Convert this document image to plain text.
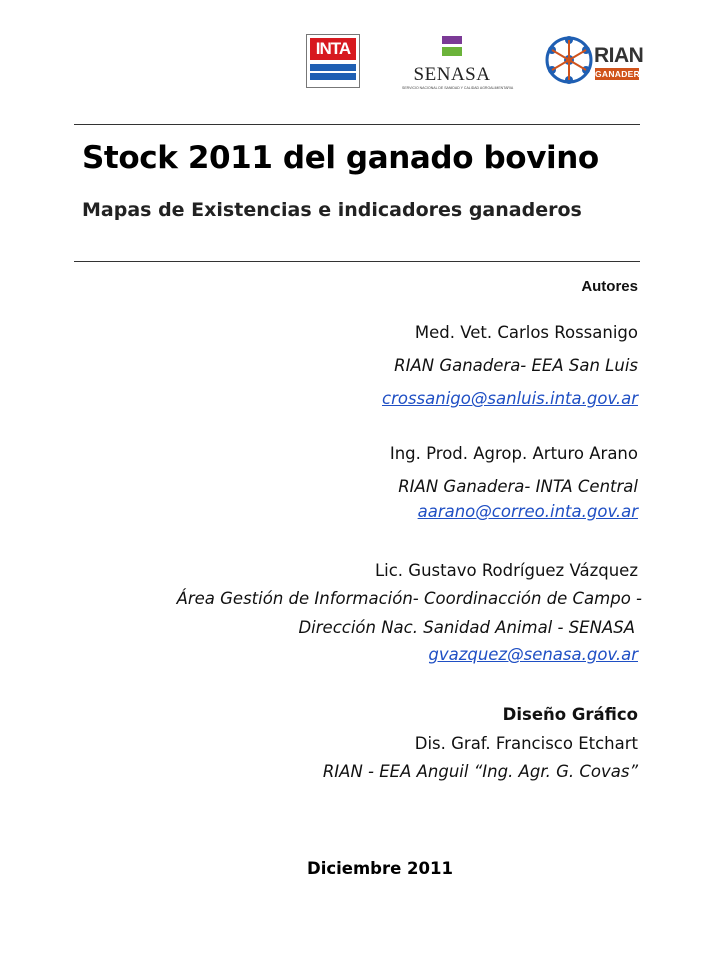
INTA
SENASA
SERVICIO NACIONAL DE SANIDAD Y CALIDAD AGROALIMENTARIA
RIAN
GANADERA
Stock 2011 del ganado bovino
Mapas de Existencias e indicadores ganaderos
Autores
Med. Vet. Carlos Rossanigo
RIAN Ganadera- EEA San Luis
crossanigo@sanluis.inta.gov.ar
Ing. Prod. Agrop. Arturo Arano
RIAN Ganadera- INTA Central
aarano@correo.inta.gov.ar
Lic. Gustavo Rodríguez Vázquez
Área Gestión de Información- Coordinacción de Campo -
Dirección Nac. Sanidad Animal - SENASA
gvazquez@senasa.gov.ar
Diseño Gráfico
Dis. Graf. Francisco Etchart
RIAN - EEA Anguil “Ing. Agr. G. Covas”
Diciembre 2011
